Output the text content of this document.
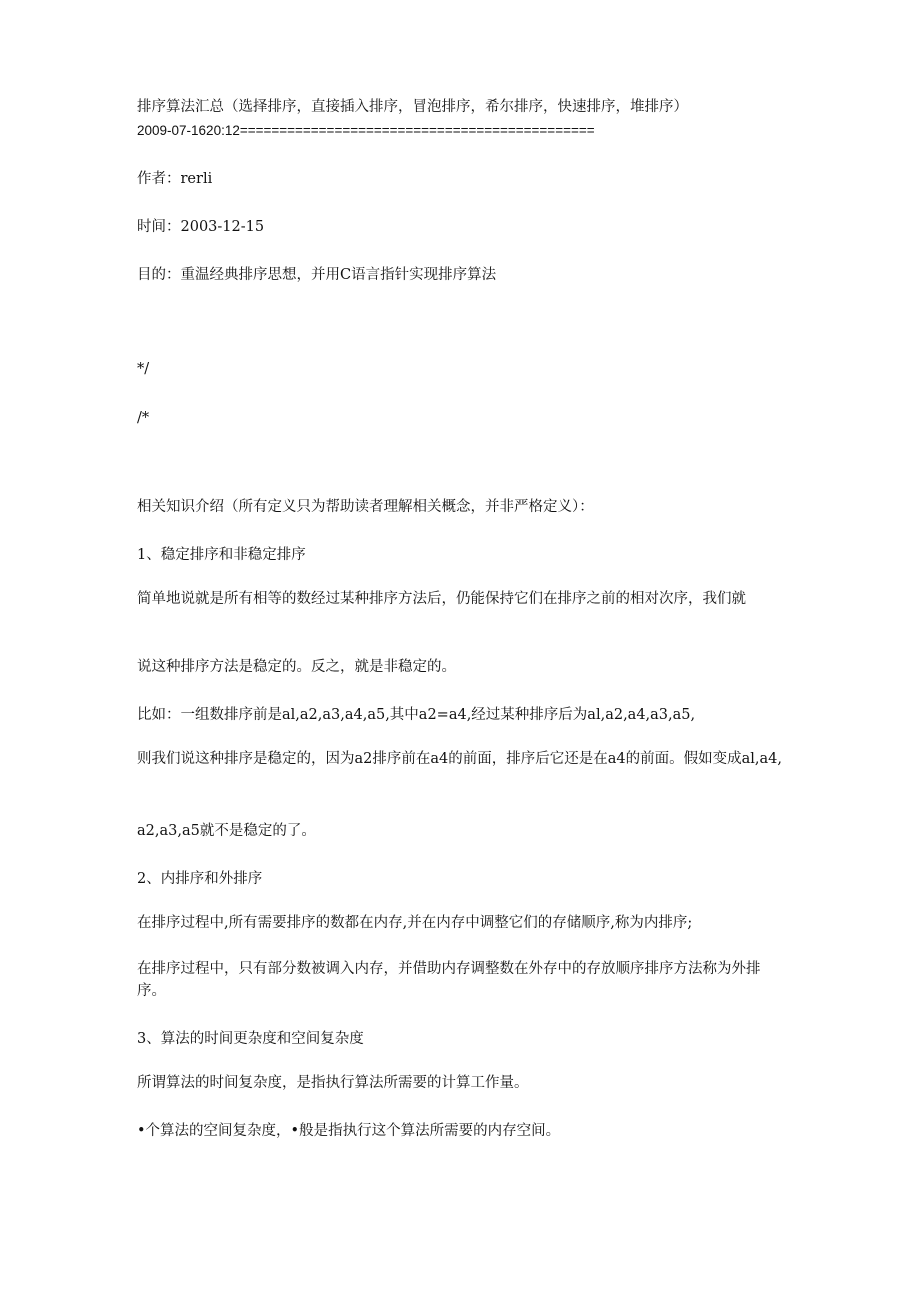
排序算法汇总（选择排序，直接插入排序，冒泡排序，希尔排序，快速排序，堆排序）
2009-07-1620:12=============================================
作者：rerli
时间：2003-12-15
目的：重温经典排序思想，并用C语言指针实现排序算法
*/
/*
相关知识介绍（所有定义只为帮助读者理解相关概念，并非严格定义）：
1、稳定排序和非稳定排序
简单地说就是所有相等的数经过某种排序方法后，仍能保持它们在排序之前的相对次序，我们就
说这种排序方法是稳定的。反之，就是非稳定的。
比如：一组数排序前是al,a2,a3,a4,a5,其中a2=a4,经过某种排序后为al,a2,a4,a3,a5,
则我们说这种排序是稳定的，因为a2排序前在a4的前面，排序后它还是在a4的前面。假如变成al,a4,
a2,a3,a5就不是稳定的了。
2、内排序和外排序
在排序过程中,所有需要排序的数都在内存,并在内存中调整它们的存储顺序,称为内排序;
在排序过程中，只有部分数被调入内存，并借助内存调整数在外存中的存放顺序排序方法称为外排序。
3、算法的时间更杂度和空间复杂度
所谓算法的时间复杂度，是指执行算法所需要的计算工作量。
•个算法的空间复杂度，•般是指执行这个算法所需要的内存空间。
